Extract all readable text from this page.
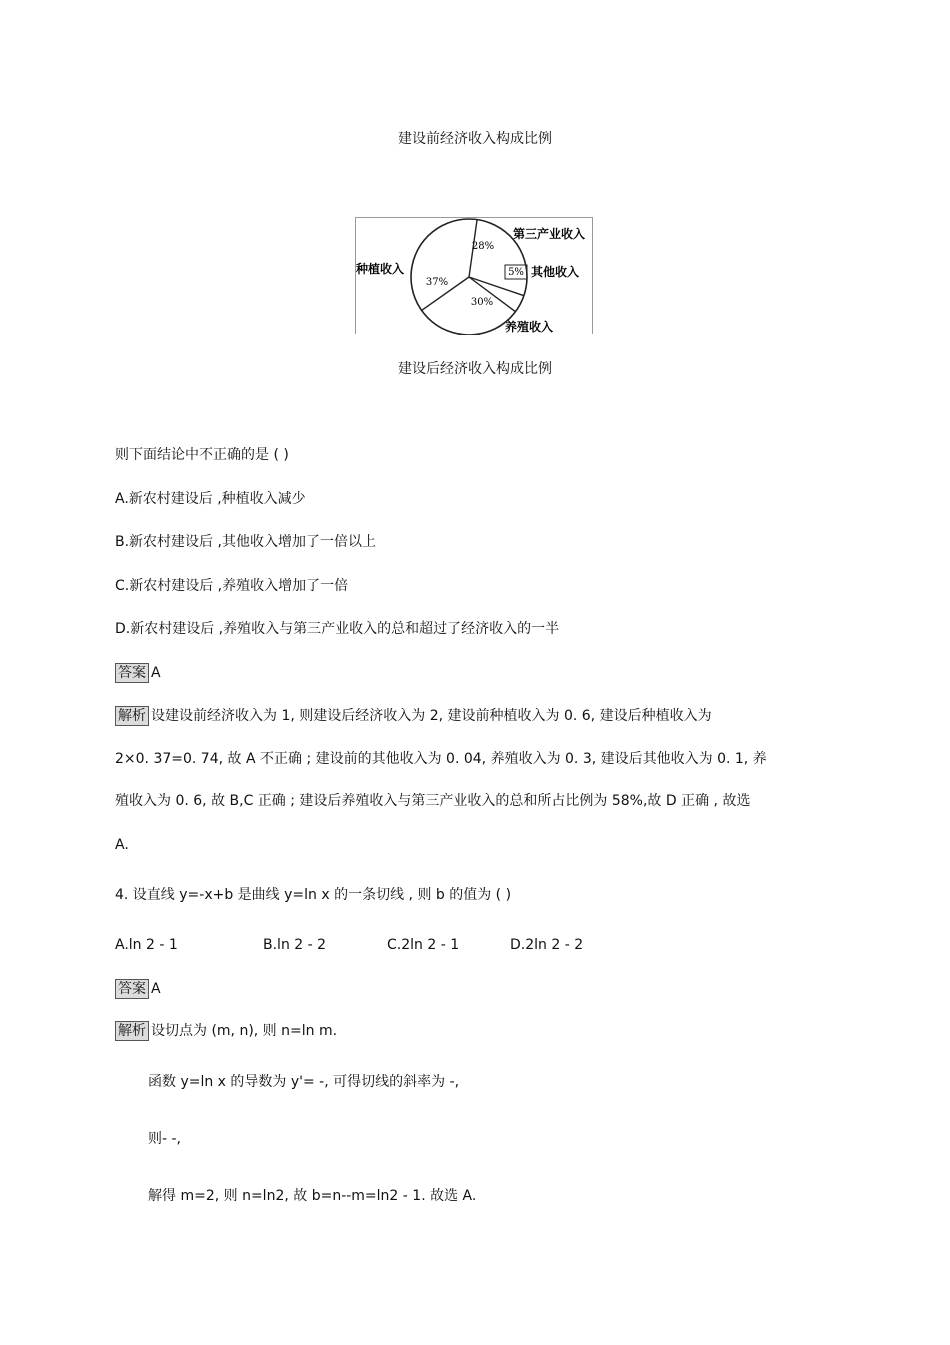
建设前经济收入构成比例
28%
第三产业收入
5% 其他收入
30%
养殖收入
37%
种植收入
建设后经济收入构成比例
则下面结论中不正确的是 ( )
A.新农村建设后 ,种植收入减少
B.新农村建设后 ,其他收入增加了一倍以上
C.新农村建设后 ,养殖收入增加了一倍
D.新农村建设后 ,养殖收入与第三产业收入的总和超过了经济收入的一半
答案 A
解析 设建设前经济收入为 1, 则建设后经济收入为 2, 建设前种植收入为 0. 6, 建设后种植收入为
2×0. 37=0. 74, 故 A 不正确 ; 建设前的其他收入为 0. 04, 养殖收入为 0. 3, 建设后其他收入为 0. 1, 养
殖收入为 0. 6, 故 B,C 正确 ; 建设后养殖收入与第三产业收入的总和所占比例为 58%,故 D 正确 , 故选
A.
4. 设直线 y=-x+b 是曲线 y=ln x 的一条切线 , 则 b 的值为 ( )
A.ln 2 - 1	B.ln 2 - 2	C.2ln 2 - 1	D.2ln 2 - 2
答案 A
解析 设切点为 (m, n), 则 n=ln m.
函数 y=ln x 的导数为 y'= -, 可得切线的斜率为 -,
则- -,
解得 m=2, 则 n=ln2, 故 b=n--m=ln2 - 1. 故选 A.
